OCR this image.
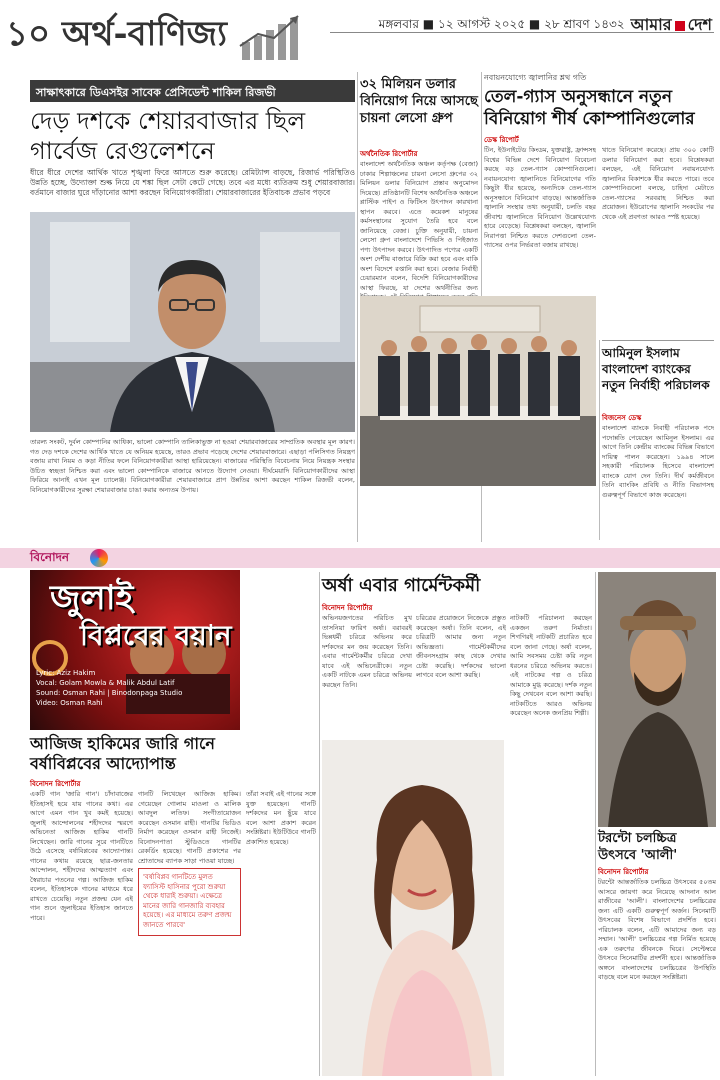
১০ অর্থ-বাণিজ্য	মঙ্গলবার ■ ১২ আগস্ট ২০২৫ ■ ২৮ শ্রাবণ ১৪৩২ আমার দেশ
সাক্ষাৎকারে ডিএসইর সাবেক প্রেসিডেন্ট শাকিল রিজভী
দেড় দশকে শেয়ারবাজার ছিল গার্বেজ রেগুলেশনে
ধীরে ধীরে দেশের আর্থিক খাতে শৃঙ্খলা ফিরে আসতে শুরু করেছে। রেমিট্যান্স বাড়ছে, রিজার্ভ পরিস্থিতিও উন্নতি হচ্ছে, উদ্যোক্তা শুল্ক নিয়ে যে শঙ্কা ছিল সেটা কেটে গেছে। তবে এর মধ্যে ব্যতিক্রম শুধু শেয়ারবাজার। বর্তমানে বাজার ঘুরে দাঁড়ানোর আশা করছেন বিনিয়োগকারীরা। শেয়ারবাজারের ইতিবাচক প্রভাব পড়বে
তারল্য সংকট, দুর্বল কোম্পানির আধিক্য, ভালো কোম্পানি তালিকাভুক্ত না হওয়া শেয়ারবাজারের সাম্প্রতিক অবস্থার মূল কারণ। গত দেড় দশকে দেশের আর্থিক খাতে যে অনিয়ম হয়েছে, তারও প্রভাব পড়েছে দেশের শেয়ারবাজারে। এছাড়া পলিসিগত নিয়ন্ত্রণ বজায় রাখা নিয়ম ও কড়া নীতির ফলে বিনিয়োগকারীরা আস্থা হারিয়েছেন। বাজারের পরিস্থিতি বিবেচনায় নিয়ে নিয়ন্ত্রক সংস্থার উচিত স্বচ্ছতা নিশ্চিত করা এবং ভালো কোম্পানিকে বাজারে আনতে উদ্যোগ নেওয়া। দীর্ঘমেয়াদি বিনিয়োগকারীদের আস্থা ফিরিয়ে আনাই এখন মূল চ্যালেঞ্জ। বিনিয়োগকারীরা শেয়ারবাজারে প্রাণ উন্নতির আশা করছেন শাকিল রিজভী বলেন, বিনিয়োগকারীদের সুরক্ষা শেয়ারবাজার চাঙা করার অন্যতম উপায়।
৩২ মিলিয়ন ডলার বিনিয়োগ নিয়ে আসছে চায়না লেসো গ্রুপ
অর্থনৈতিক রিপোর্টার
বাংলাদেশ অর্থনৈতিক অঞ্চল কর্তৃপক্ষ (বেজা) ঢাকার শিল্পাঞ্চলের চায়না লেসো গ্রুপের ৩২ মিলিয়ন ডলার বিনিয়োগ প্রস্তাব অনুমোদন দিয়েছে। প্রতিষ্ঠানটি বিশেষ অর্থনৈতিক অঞ্চলে প্লাস্টিক পাইপ ও ফিটিংস উৎপাদন কারখানা স্থাপন করবে। এতে কয়েকশ মানুষের কর্মসংস্থানের সুযোগ তৈরি হবে বলে জানিয়েছে বেজা। চুক্তি অনুযায়ী, চায়না লেসো গ্রুপ বাংলাদেশে পিভিসি ও পিইজাত পণ্য উৎপাদন করবে। উৎপাদিত পণ্যের একটি অংশ দেশীয় বাজারে বিক্রি করা হবে এবং বাকি অংশ বিদেশে রপ্তানি করা হবে। বেজার নির্বাহী চেয়ারম্যান বলেন, বিদেশি বিনিয়োগকারীদের আস্থা ফিরছে, যা দেশের অর্থনীতির জন্য
নবায়নযোগ্যে জ্বালানির শ্লথ গতি
তেল-গ্যাস অনুসন্ধানে নতুন বিনিয়োগ শীর্ষ কোম্পানিগুলোর
ডেস্ক রিপোর্ট
টিন, ইউনাইটেড কিংডম, যুক্তরাষ্ট্র, ফ্রান্সসহ বিশ্বের বিভিন্ন দেশে বিনিয়োগ বিবেচনা করছে বড় তেল-গ্যাস কোম্পানিগুলো। নবায়নযোগ্য জ্বালানিতে বিনিয়োগের গতি কিছুটা ধীর হয়েছে, অন্যদিকে তেল-গ্যাস অনুসন্ধানে বিনিয়োগ বাড়ছে। আন্তর্জাতিক জ্বালানি সংস্থার তথ্য অনুযায়ী, চলতি বছর জীবাশ্ম জ্বালানিতে বিনিয়োগ উল্লেখযোগ্য হারে বেড়েছে। বিশ্লেষকরা বলছেন, জ্বালানি নিরাপত্তা নিশ্চিত করতে দেশগুলো তেল-গ্যাসের ওপর নির্ভরতা বজায় রাখছে।
খাতে বিনিয়োগ করেছে। প্রায় ৩০০ কোটি ডলার বিনিয়োগ করা হবে। বিশ্লেষকরা বলছেন, এই বিনিয়োগ নবায়নযোগ্য জ্বালানির বিকাশকে ধীর করতে পারে। তবে কোম্পানিগুলো বলছে, চাহিদা মেটাতে তেল-গ্যাসের সরবরাহ নিশ্চিত করা প্রয়োজন। ইউরোপের জ্বালানি সংকটের পর থেকে এই প্রবণতা আরও স্পষ্ট হয়েছে।
আমিনুল ইসলাম বাংলাদেশ ব্যাংকের নতুন নির্বাহী পরিচালক
বিজনেস ডেস্ক
বাংলাদেশ ব্যাংকে নিবাহী পরিচালক পদে পদোন্নতি পেয়েছেন আমিনুল ইসলাম। এর আগে তিনি কেন্দ্রীয় ব্যাংকের বিভিন্ন বিভাগে দায়িত্ব পালন করেছেন। ১৯৯৪ সালে সহকারী পরিচালক হিসেবে বাংলাদেশ ব্যাংকে যোগ দেন তিনি। দীর্ঘ কর্মজীবনে তিনি ব্যাংকিং প্রবিধি ও নীতি বিভাগসহ গুরুত্বপূর্ণ বিভাগে কাজ করেছেন।
বিনোদন
জুলাই
বিপ্লবের বয়ান
Lyric: Aziz Hakim
Vocal: Golam Mowla & Malik Abdul Latif
Sound: Osman Rahi | Binodonpaga Studio
Video: Osman Rahi
আজিজ হাকিমের জারি গানে বর্ষাবিপ্লবের আদ্যোপান্ত
বিনোদন রিপোর্টার
একটি গান 'জারি গান'। চাঁদাবাজের ইতিহাসই হয়ে যায় গানের কথা। এর আগে এমন গান খুব কমই হয়েছে। জুলাই আন্দোলনের শহীদদের স্মরণে অভিনেতা আজিজ হাকিম গানটি লিখেছেন। জারি গানের সুরে গানটিতে উঠে এসেছে বর্ষাবিপ্লবের আদ্যোপান্ত। গানের কথায় রয়েছে ছাত্র-জনতার আন্দোলন, শহীদদের আত্মত্যাগ এবং স্বৈরাচার পতনের গল্প। আজিজ হাকিম বলেন, ইতিহাসকে গানের মাধ্যমে ধরে রাখতে চেয়েছি। নতুন প্রজন্ম যেন এই গান শুনে জুলাইয়ের ইতিহাস জানতে পারে।
গানটি লিখেছেন আজিজ হাকিম। গেয়েছেন গোলাম মাওলা ও মালিক আবদুল লতিফ। সংগীতায়োজন করেছেন ওসমান রাহী। গানটির ভিডিও নির্মাণ করেছেন ওসমান রাহী নিজেই। বিনোদনপাতা স্টুডিওতে গানটির রেকর্ডিং হয়েছে। গানটি প্রকাশের পর শ্রোতাদের ব্যাপক সাড়া পাওয়া যাচ্ছে।
'বর্ষাবিপ্লব গানটিতে মুলত ফ্যাসিস্ট হাসিনার পুরো শুরুয়া থেকে ধারাই শুরুয়া। এক্ষেত্রে মানের জারি গানজারি ব্যবহার হয়েছে। এর মাধ্যমে তরুণ প্রজন্ম জানতে পারবে'
তাঁরা সবাই এই গানের সঙ্গে যুক্ত হয়েছেন। গানটি দর্শকদের মন ছুঁয়ে যাবে বলে আশা প্রকাশ করেন সংশ্লিষ্টরা। ইউটিউবে গানটি প্রকাশিত হয়েছে।
অর্ষা এবার গার্মেন্টকর্মী
বিনোদন রিপোর্টার
অভিনয়জগতের পরিচিত মুখ তাসনিয়া ফারিণ অর্ষা। বরাবরই ভিন্নধর্মী চরিত্রে অভিনয় করে দর্শকদের মন জয় করেছেন তিনি। এবার গার্মেন্টকর্মীর চরিত্রে দেখা যাবে এই অভিনেত্রীকে। নতুন একটি নাটকে এমন চরিত্রে অভিনয় করছেন তিনি।
চরিত্রের প্রয়োজনে নিজেকে প্রস্তুত করেছেন অর্ষা। তিনি বলেন, এই চরিত্রটি আমার জন্য নতুন অভিজ্ঞতা। গার্মেন্টকর্মীদের জীবনসংগ্রাম কাছ থেকে দেখার চেষ্টা করেছি। দর্শকদের ভালো লাগবে বলে আশা করছি।
নাটকটি পরিচালনা করছেন একজন তরুণ নির্মাতা। শিগগিরই নাটকটি প্রচারিত হবে বলে জানা গেছে। অর্ষা বলেন, আমি সবসময় চেষ্টা করি নতুন ধরনের চরিত্রে অভিনয় করতে। এই নাটকের গল্প ও চরিত্র আমাকে মুগ্ধ করেছে। দর্শক নতুন কিছু দেখবেন বলে আশা করছি। নাটকটিতে আরও অভিনয় করেছেন অনেক জনপ্রিয় শিল্পী।
টরন্টো চলচ্চিত্র উৎসবে 'আলী'
বিনোদন রিপোর্টার
টরন্টো আন্তর্জাতিক চলচ্চিত্র উৎসবের ৫০তম আসরে জায়গা করে নিয়েছে আদনান আল রাজীবের 'আলী'। বাংলাদেশের চলচ্চিত্রের জন্য এটি একটি গুরুত্বপূর্ণ অর্জন। সিনেমাটি উৎসবের বিশেষ বিভাগে প্রদর্শিত হবে। পরিচালক বলেন, এটি আমাদের জন্য বড় সম্মান। 'আলী' চলচ্চিত্রের গল্প নির্মিত হয়েছে এক তরুণের জীবনকে ঘিরে। সেপ্টেম্বরে উৎসবে সিনেমাটির প্রদর্শনী হবে। আন্তর্জাতিক অঙ্গনে বাংলাদেশের চলচ্চিত্রের উপস্থিতি বাড়ছে বলে মনে করছেন সংশ্লিষ্টরা।
